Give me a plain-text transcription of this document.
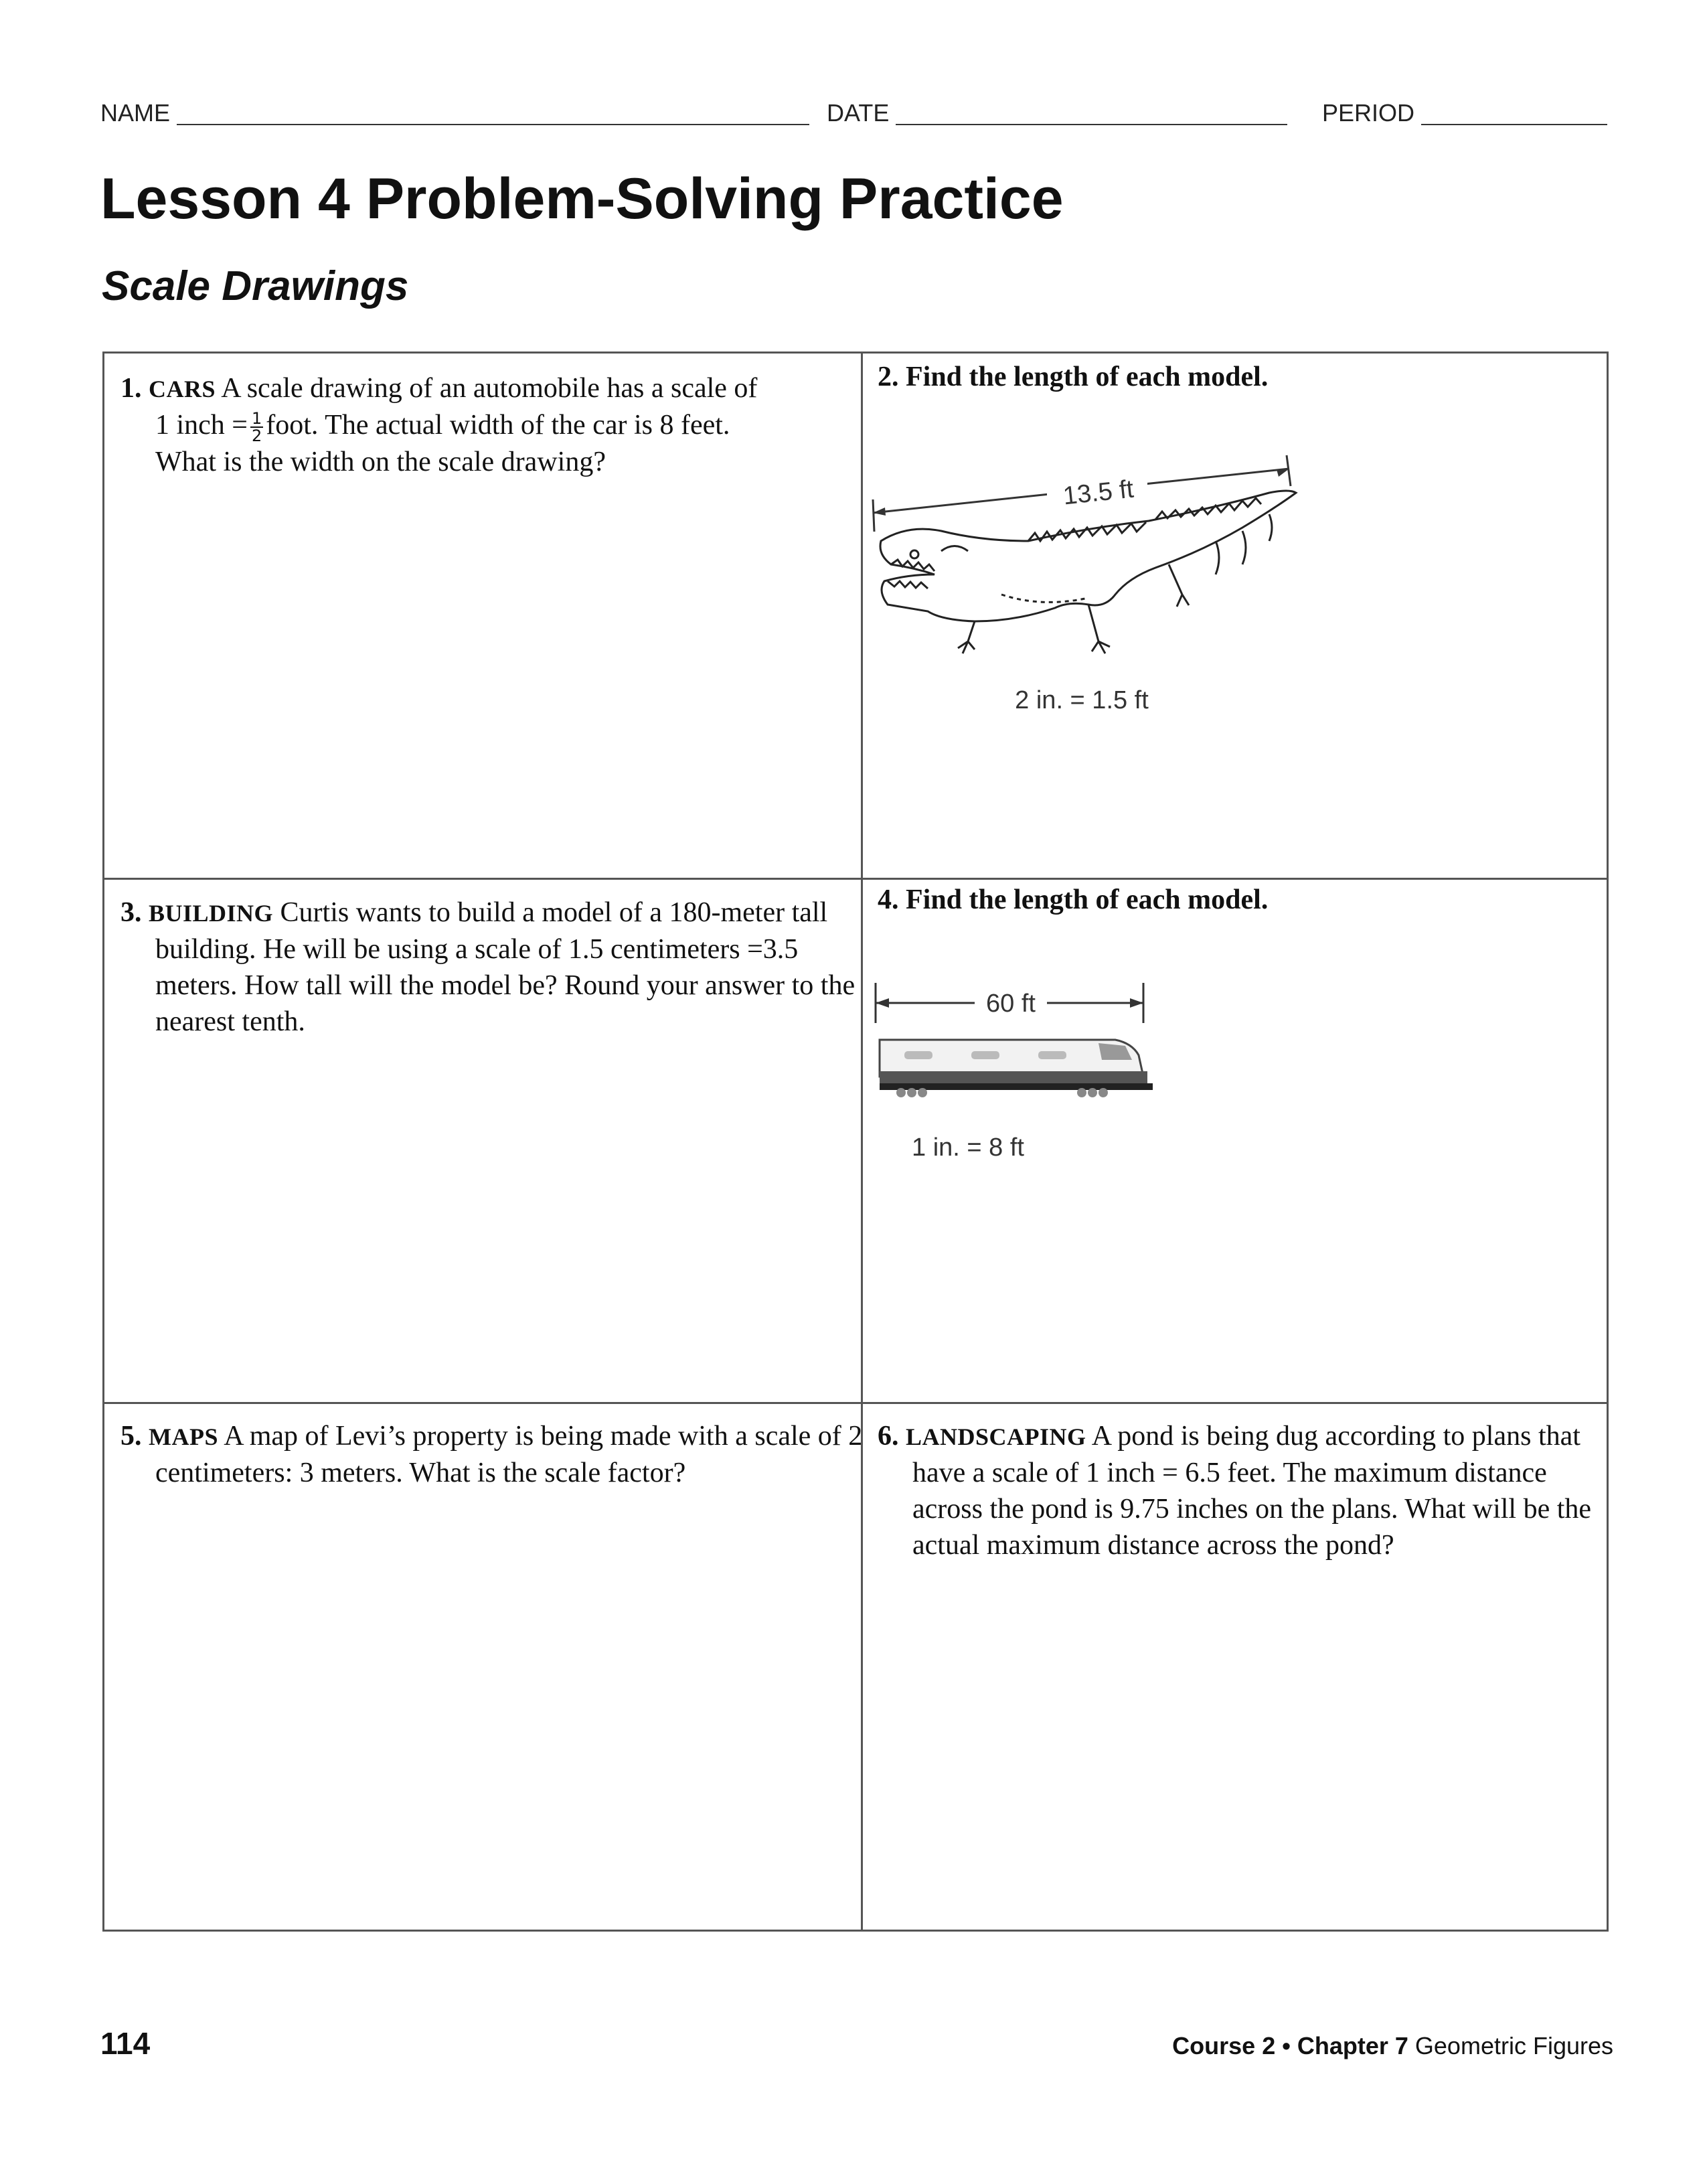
NAME	DATE	PERIOD
Lesson 4 Problem-Solving Practice
Scale Drawings
1. CARS A scale drawing of an automobile has a scale of
1 inch = $\frac{1}{2}$ foot. The actual width of the car is 8 feet.
What is the width on the scale drawing?
2. Find the length of each model.
13.5 ft
2 in. = 1.5 ft
3. BUILDING Curtis wants to build a model of a 180-meter tall building. He will be using a scale of 1.5 centimeters =3.5 meters. How tall will the model be? Round your answer to the nearest tenth.
4. Find the length of each model.
60 ft
1 in. = 8 ft
5. MAPS A map of Levi’s property is being made with a scale of 2 centimeters: 3 meters. What is the scale factor?
6. LANDSCAPING A pond is being dug according to plans that have a scale of 1 inch = 6.5 feet. The maximum distance across the pond is 9.75 inches on the plans. What will be the actual maximum distance across the pond?
114	Course 2 • Chapter 7 Geometric Figures
